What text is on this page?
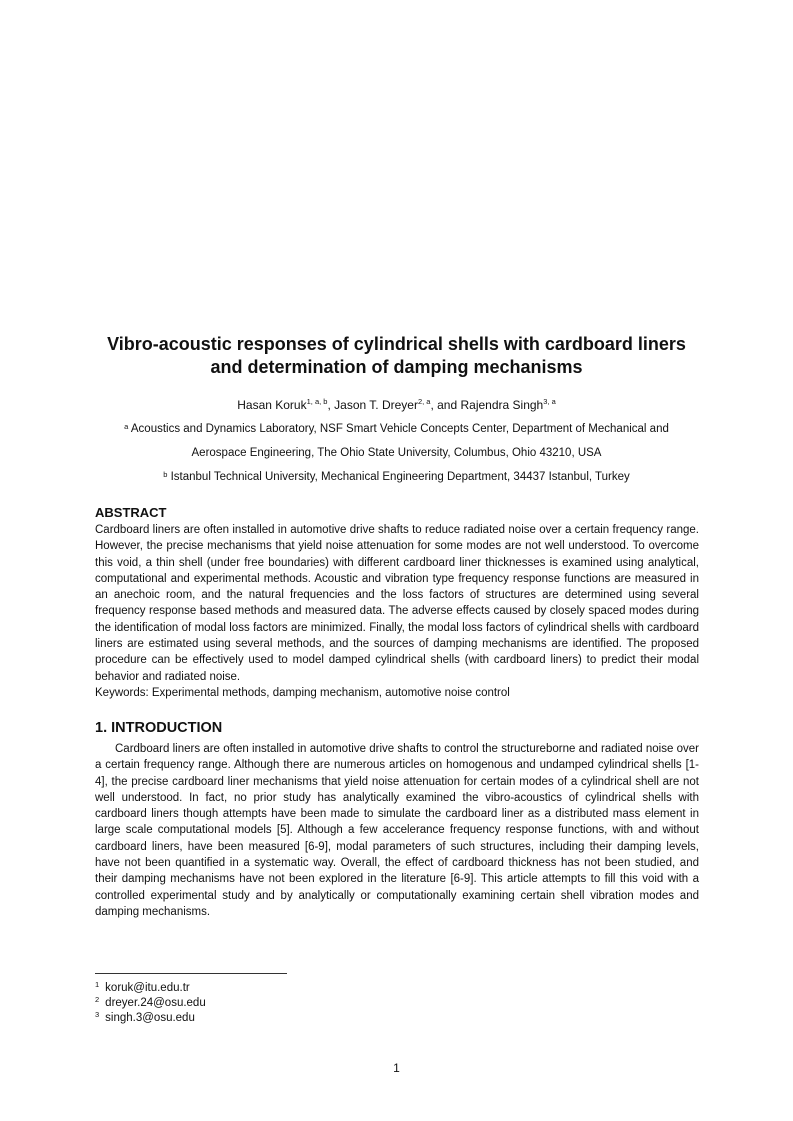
Vibro-acoustic responses of cylindrical shells with cardboard liners
and determination of damping mechanisms
Hasan Koruk$^{1, a, b}$, Jason T. Dreyer$^{2, a}$, and Rajendra Singh$^{3, a}$
$^a$ Acoustics and Dynamics Laboratory, NSF Smart Vehicle Concepts Center, Department of Mechanical and
Aerospace Engineering, The Ohio State University, Columbus, Ohio 43210, USA
$^b$ Istanbul Technical University, Mechanical Engineering Department, 34437 Istanbul, Turkey
ABSTRACT
Cardboard liners are often installed in automotive drive shafts to reduce radiated noise over a certain frequency range. However, the precise mechanisms that yield noise attenuation for some modes are not well understood. To overcome this void, a thin shell (under free boundaries) with different cardboard liner thicknesses is examined using analytical, computational and experimental methods. Acoustic and vibration type frequency response functions are measured in an anechoic room, and the natural frequencies and the loss factors of structures are determined using several frequency response based methods and measured data. The adverse effects caused by closely spaced modes during the identification of modal loss factors are minimized. Finally, the modal loss factors of cylindrical shells with cardboard liners are estimated using several methods, and the sources of damping mechanisms are identified. The proposed procedure can be effectively used to model damped cylindrical shells (with cardboard liners) to predict their modal behavior and radiated noise.
Keywords: Experimental methods, damping mechanism, automotive noise control
1. INTRODUCTION
Cardboard liners are often installed in automotive drive shafts to control the structureborne and radiated noise over a certain frequency range. Although there are numerous articles on homogenous and undamped cylindrical shells [1-4], the precise cardboard liner mechanisms that yield noise attenuation for certain modes of a cylindrical shell are not well understood. In fact, no prior study has analytically examined the vibro-acoustics of cylindrical shells with cardboard liners though attempts have been made to simulate the cardboard liner as a distributed mass element in large scale computational models [5]. Although a few accelerance frequency response functions, with and without cardboard liners, have been measured [6-9], modal parameters of such structures, including their damping levels, have not been quantified in a systematic way. Overall, the effect of cardboard thickness has not been studied, and their damping mechanisms have not been explored in the literature [6-9]. This article attempts to fill this void with a controlled experimental study and by analytically or computationally examining certain shell vibration modes and damping mechanisms.
$^1$ koruk@itu.edu.tr
$^2$ dreyer.24@osu.edu
$^3$ singh.3@osu.edu
1
